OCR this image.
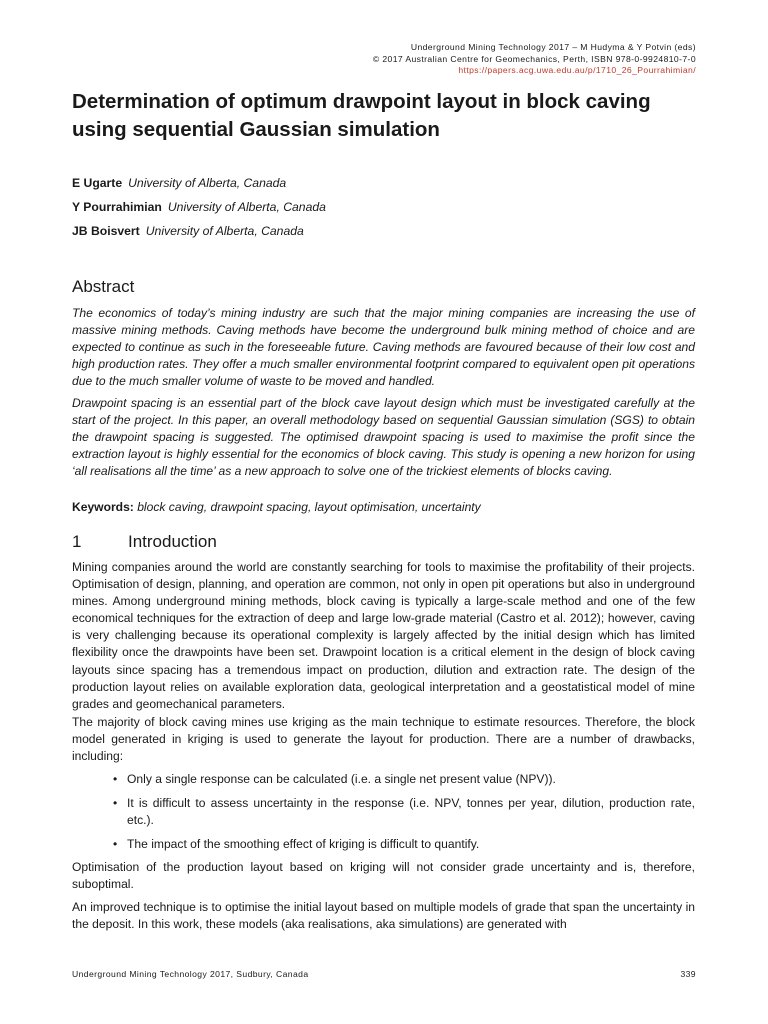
Underground Mining Technology 2017 – M Hudyma & Y Potvin (eds)
© 2017 Australian Centre for Geomechanics, Perth, ISBN 978-0-9924810-7-0
https://papers.acg.uwa.edu.au/p/1710_26_Pourrahimian/
Determination of optimum drawpoint layout in block caving using sequential Gaussian simulation
E Ugarte University of Alberta, Canada
Y Pourrahimian University of Alberta, Canada
JB Boisvert University of Alberta, Canada
Abstract

The economics of today’s mining industry are such that the major mining companies are increasing the use of massive mining methods. Caving methods have become the underground bulk mining method of choice and are expected to continue as such in the foreseeable future. Caving methods are favoured because of their low cost and high production rates. They offer a much smaller environmental footprint compared to equivalent open pit operations due to the much smaller volume of waste to be moved and handled.

Drawpoint spacing is an essential part of the block cave layout design which must be investigated carefully at the start of the project. In this paper, an overall methodology based on sequential Gaussian simulation (SGS) to obtain the drawpoint spacing is suggested. The optimised drawpoint spacing is used to maximise the profit since the extraction layout is highly essential for the economics of block caving. This study is opening a new horizon for using ‘all realisations all the time’ as a new approach to solve one of the trickiest elements of blocks caving.

Keywords: block caving, drawpoint spacing, layout optimisation, uncertainty

1	Introduction

Mining companies around the world are constantly searching for tools to maximise the profitability of their projects. Optimisation of design, planning, and operation are common, not only in open pit operations but also in underground mines. Among underground mining methods, block caving is typically a large-scale method and one of the few economical techniques for the extraction of deep and large low-grade material (Castro et al. 2012); however, caving is very challenging because its operational complexity is largely affected by the initial design which has limited flexibility once the drawpoints have been set. Drawpoint location is a critical element in the design of block caving layouts since spacing has a tremendous impact on production, dilution and extraction rate. The design of the production layout relies on available exploration data, geological interpretation and a geostatistical model of mine grades and geomechanical parameters.

The majority of block caving mines use kriging as the main technique to estimate resources. Therefore, the block model generated in kriging is used to generate the layout for production. There are a number of drawbacks, including:

• Only a single response can be calculated (i.e. a single net present value (NPV)).
• It is difficult to assess uncertainty in the response (i.e. NPV, tonnes per year, dilution, production rate, etc.).
• The impact of the smoothing effect of kriging is difficult to quantify.

Optimisation of the production layout based on kriging will not consider grade uncertainty and is, therefore, suboptimal.

An improved technique is to optimise the initial layout based on multiple models of grade that span the uncertainty in the deposit. In this work, these models (aka realisations, aka simulations) are generated with

Underground Mining Technology 2017, Sudbury, Canada	339
